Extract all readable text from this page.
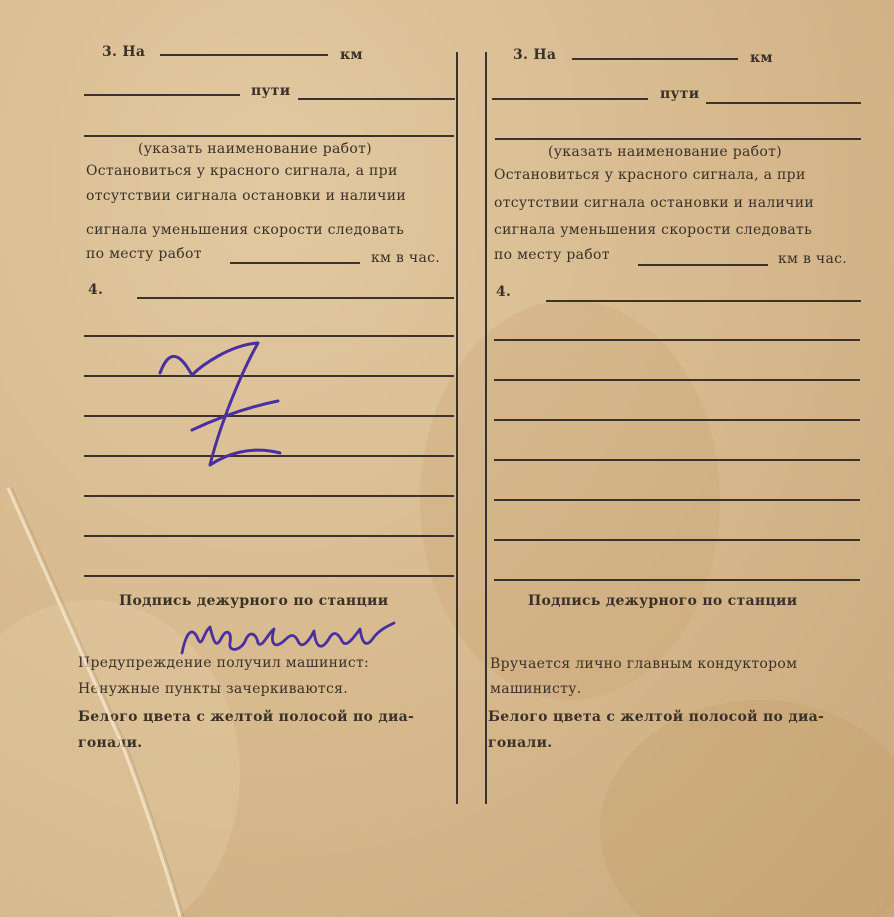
3. На	км
пути
(указать наименование работ)
Остановиться у красного сигнала, а при
отсутствии сигнала остановки и наличии
сигнала уменьшения скорости следовать
по месту работ	км в час.
4.
Подпись дежурного по станции
Предупреждение получил машинист:
Ненужные пункты зачеркиваются.
Белого цвета с желтой полосой по диа-
гонали.
3. На	км
пути
(указать наименование работ)
Остановиться у красного сигнала, а при
отсутствии сигнала остановки и наличии
сигнала уменьшения скорости следовать
по месту работ	км в час.
4.
Подпись дежурного по станции
Вручается лично главным кондуктором
машинисту.
Белого цвета с желтой полосой по диа-
гонали.
